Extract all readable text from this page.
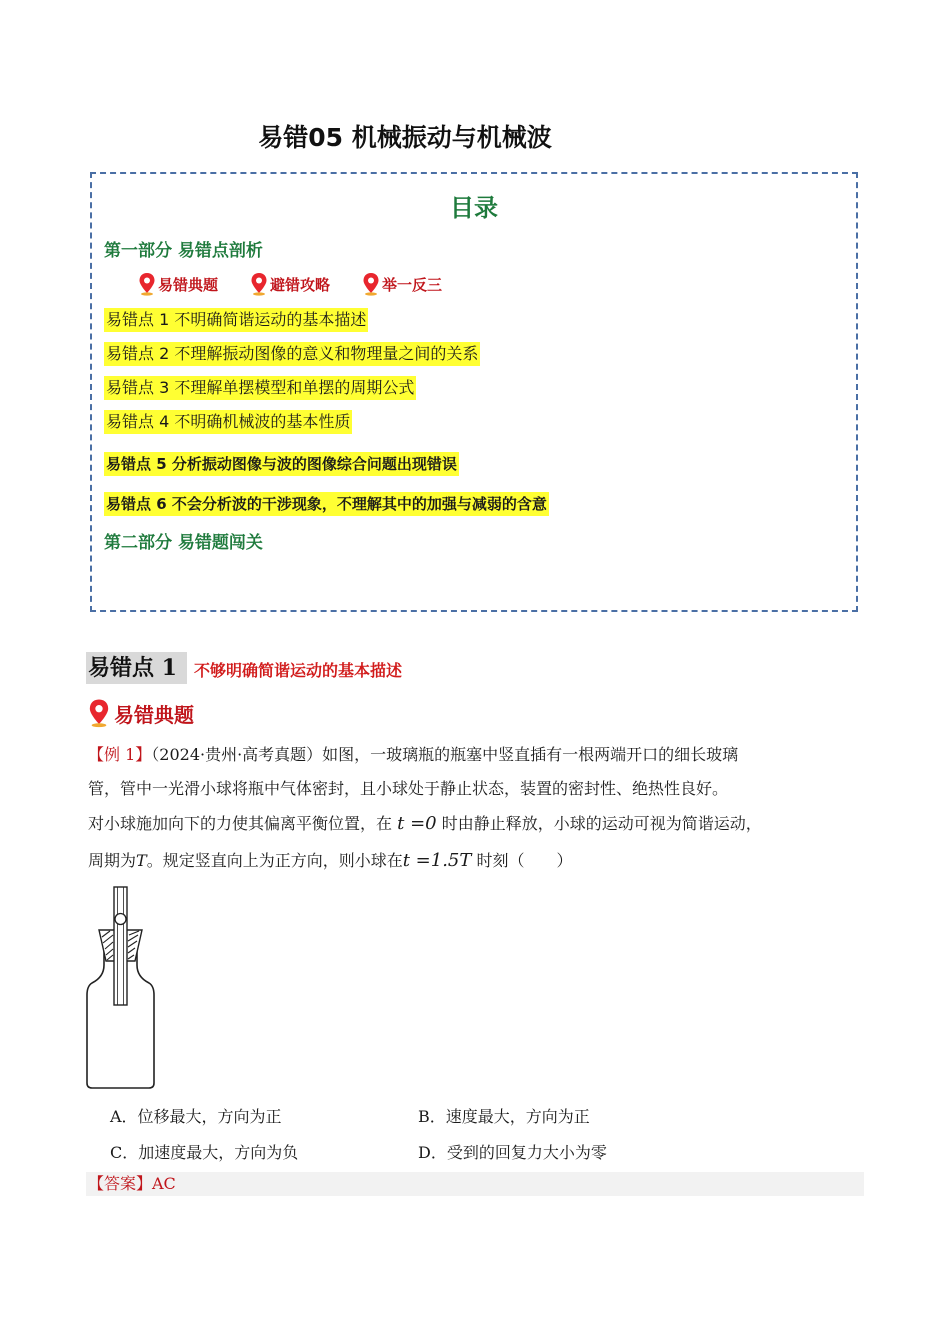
易错05 机械振动与机械波
目录
第一部分 易错点剖析
易错典题	避错攻略	举一反三
易错点 1 不明确简谐运动的基本描述
易错点 2 不理解振动图像的意义和物理量之间的关系
易错点 3 不理解单摆模型和单摆的周期公式
易错点 4 不明确机械波的基本性质
易错点 5 分析振动图像与波的图像综合问题出现错误
易错点 6 不会分析波的干涉现象，不理解其中的加强与减弱的含意
第二部分 易错题闯关
易错点 1	不够明确简谐运动的基本描述
易错典题
【例 1】（2024·贵州·高考真题）如图，一玻璃瓶的瓶塞中竖直插有一根两端开口的细长玻璃
管，管中一光滑小球将瓶中气体密封，且小球处于静止状态，装置的密封性、绝热性良好。
对小球施加向下的力使其偏离平衡位置，在 t =0 时由静止释放，小球的运动可视为简谐运动，
周期为T。规定竖直向上为正方向，则小球在t =1.5T 时刻（　　）
A．位移最大，方向为正	B．速度最大，方向为正
C．加速度最大，方向为负	D．受到的回复力大小为零
【答案】AC
